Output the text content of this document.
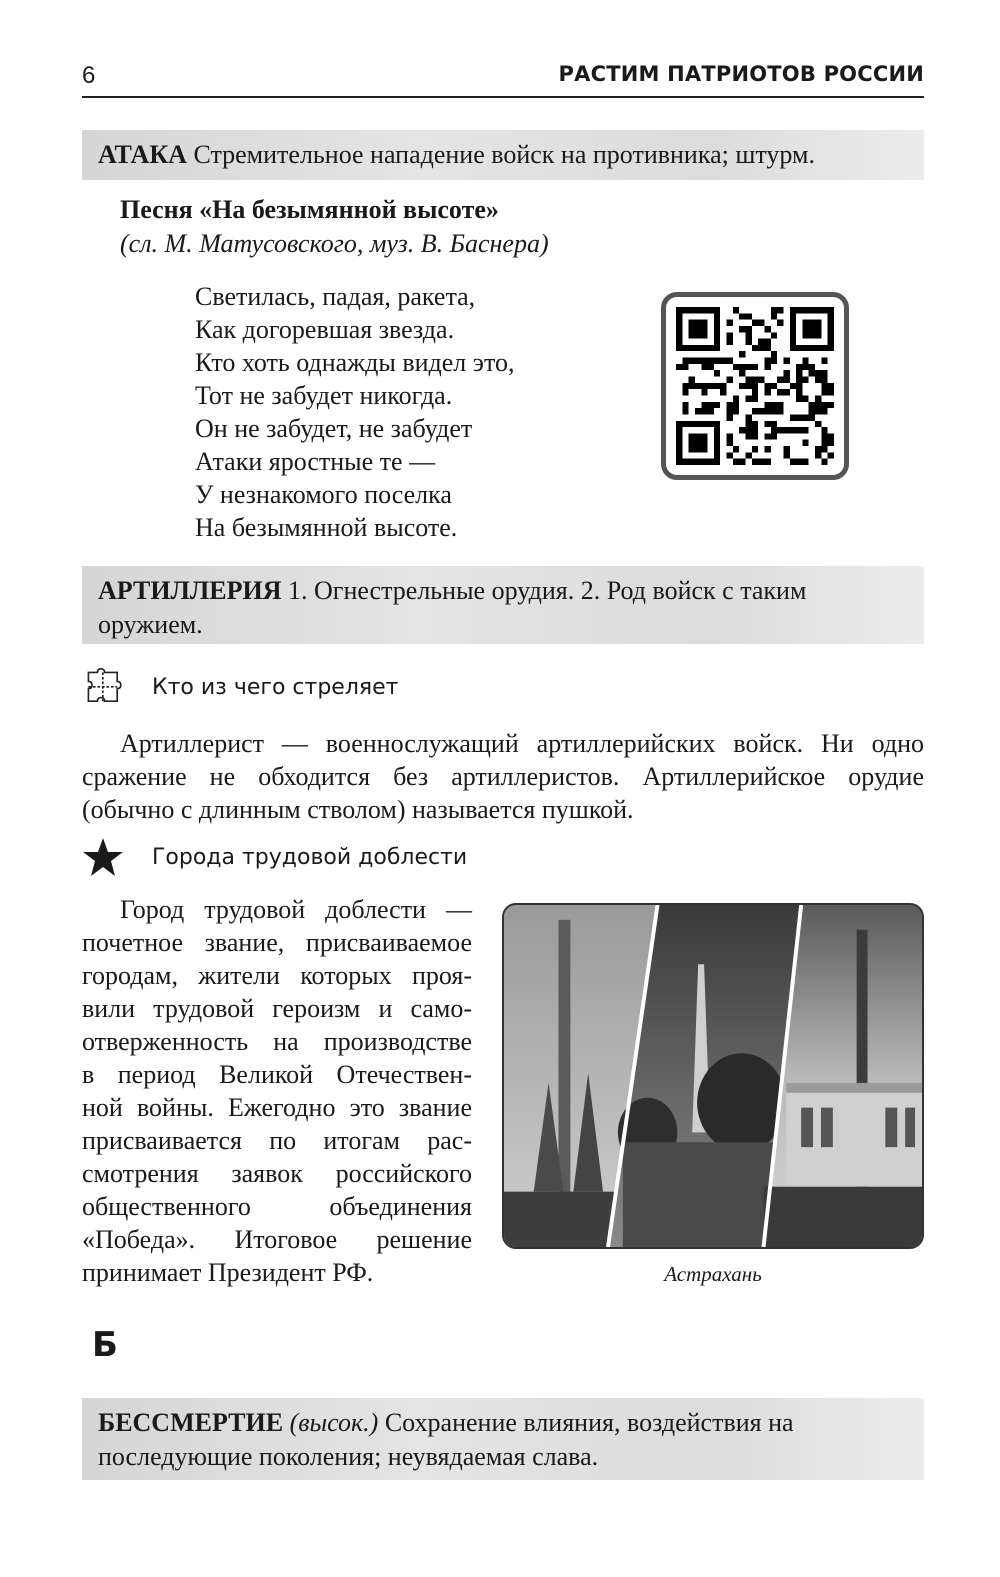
6	РАСТИМ ПАТРИОТОВ РОССИИ
АТАКА Стремительное нападение войск на противника; штурм.
Песня «На безымянной высоте»
(сл. М. Матусовского, муз. В. Баснера)
Светилась, падая, ракета,
Как догоревшая звезда.
Кто хоть однажды видел это,
Тот не забудет никогда.
Он не забудет, не забудет
Атаки яростные те —
У незнакомого поселка
На безымянной высоте.
АРТИЛЛЕРИЯ 1. Огнестрельные орудия. 2. Род войск с таким оружием.
Кто из чего стреляет
Артиллерист — военнослужащий артиллерийских войск. Ни одно
сражение не обходится без артиллеристов. Артиллерийское орудие
(обычно с длинным стволом) называется пушкой.
Города трудовой доблести
Город трудовой доблести —
почетное звание, присваиваемое
городам, жители которых проя-
вили трудовой героизм и само-
отверженность на производстве
в период Великой Отечествен-
ной войны. Ежегодно это звание
присваивается по итогам рас-
смотрения заявок российского
общественного объединения
«Победа». Итоговое решение
принимает Президент РФ.	Астрахань
Б
БЕССМЕРТИЕ (высок.) Сохранение влияния, воздействия на последующие поколения; неувядаемая слава.
